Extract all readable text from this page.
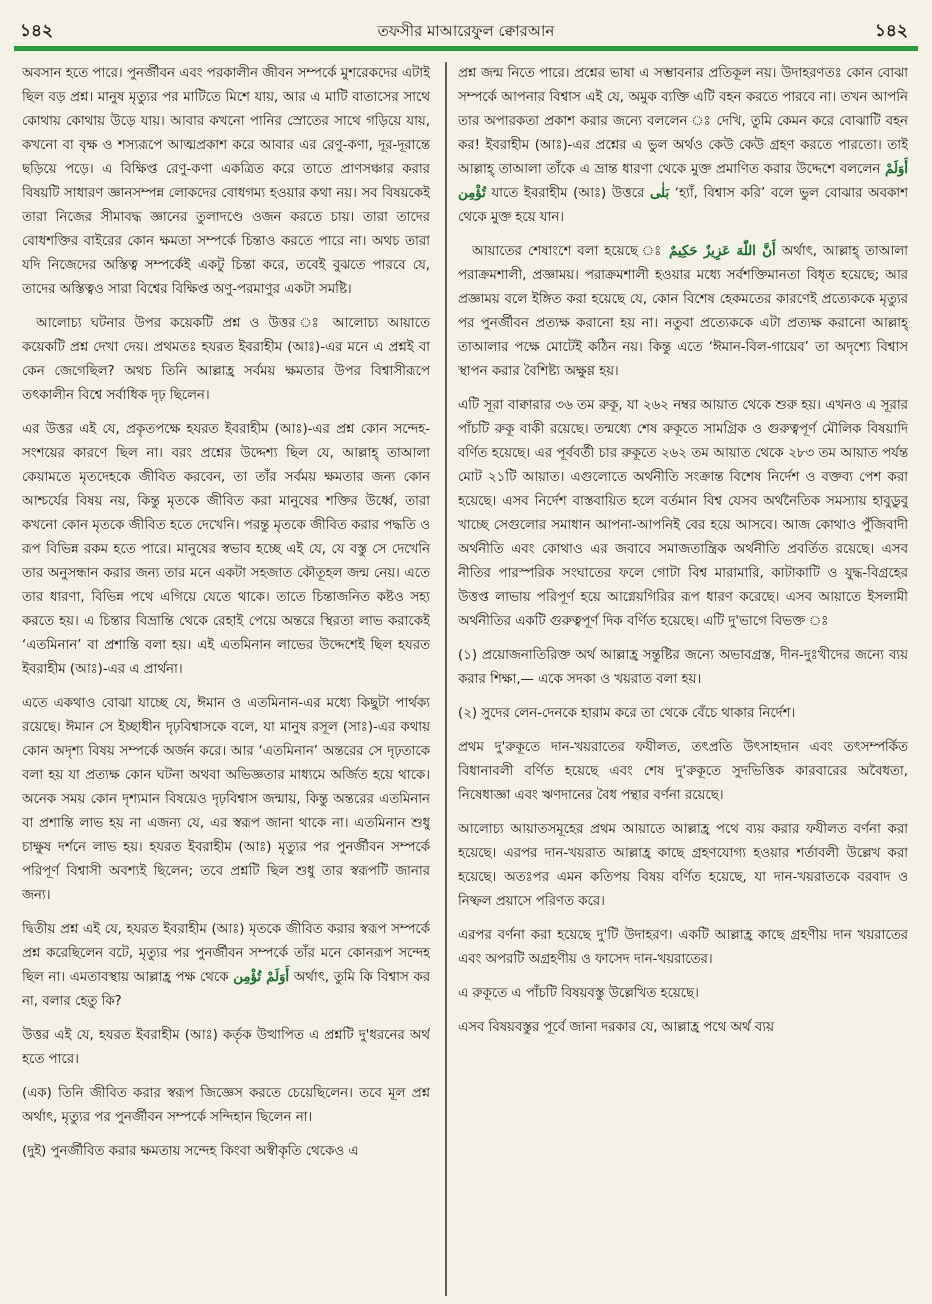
১৪২	তফসীর মাআরেফুল ক্বোরআন	১৪২

অবসান হতে পারে। পুনর্জীবন এবং পরকালীন জীবন সম্পর্কে মুশরেকদের এটাই ছিল বড় প্রশ্ন। মানুষ মৃত্যুর পর মাটিতে মিশে যায়, আর এ মাটি বাতাসের সাথে কোথায় কোথায় উড়ে যায়। আবার কখনো পানির স্রোতের সাথে গড়িয়ে যায়, কখনো বা বৃক্ষ ও শস্যরূপে আত্মপ্রকাশ করে আবার এর রেণু-কণা, দূর-দূরান্তে ছড়িয়ে পড়ে। এ বিক্ষিপ্ত রেণু-কণা একত্রিত করে তাতে প্রাণসঞ্চার করার বিষয়টি সাধারণ জ্ঞানসম্পন্ন লোকদের বোধগম্য হওয়ার কথা নয়। সব বিষয়কেই তারা নিজের সীমাবদ্ধ জ্ঞানের তুলাদণ্ডে ওজন করতে চায়। তারা তাদের বোধশক্তির বাইরের কোন ক্ষমতা সম্পর্কে চিন্তাও করতে পারে না। অথচ তারা যদি নিজেদের অস্তিত্ব সম্পর্কেই একটু চিন্তা করে, তবেই বুঝতে পারবে যে, তাদের অস্তিত্বও সারা বিশ্বের বিক্ষিপ্ত অণু-পরমাণুর একটা সমষ্টি।

আলোচ্য ঘটনার উপর কয়েকটি প্রশ্ন ও উত্তর ঃ আলোচ্য আয়াতে কয়েকটি প্রশ্ন দেখা দেয়। প্রথমতঃ হযরত ইবরাহীম (আঃ)-এর মনে এ প্রশ্নই বা কেন জেগেছিল? অথচ তিনি আল্লাহ্র সর্বময় ক্ষমতার উপর বিশ্বাসীরূপে তৎকালীন বিশ্বে সর্বাধিক দৃঢ় ছিলেন।

এর উত্তর এই যে, প্রকৃতপক্ষে হযরত ইবরাহীম (আঃ)-এর প্রশ্ন কোন সন্দেহ-সংশয়ের কারণে ছিল না। বরং প্রশ্নের উদ্দেশ্য ছিল যে, আল্লাহ্ তাআলা কেয়ামতে মৃতদেহকে জীবিত করবেন, তা তাঁর সর্বময় ক্ষমতার জন্য কোন আশ্চর্যের বিষয় নয়, কিন্তু মৃতকে জীবিত করা মানুষের শক্তির উর্ধ্বে, তারা কখনো কোন মৃতকে জীবিত হতে দেখেনি। পরন্তু মৃতকে জীবিত করার পদ্ধতি ও রূপ বিভিন্ন রকম হতে পারে। মানুষের স্বভাব হচ্ছে এই যে, যে বস্তু সে দেখেনি তার অনুসন্ধান করার জন্য তার মনে একটা সহজাত কৌতূহল জন্ম নেয়। এতে তার ধারণা, বিভিন্ন পথে এগিয়ে যেতে থাকে। তাতে চিন্তাজনিত কষ্টও সহ্য করতে হয়। এ চিন্তার বিভ্রান্তি থেকে রেহাই পেয়ে অন্তরে স্থিরতা লাভ করাকেই ‘এতমিনান’ বা প্রশান্তি বলা হয়। এই এতমিনান লাভের উদ্দেশেই ছিল হযরত ইবরাহীম (আঃ)-এর এ প্রার্থনা।

এতে একথাও বোঝা যাচ্ছে যে, ঈমান ও এতমিনান-এর মধ্যে কিছুটা পার্থক্য রয়েছে। ঈমান সে ইচ্ছাধীন দৃঢ়বিশ্বাসকে বলে, যা মানুষ রসূল (সাঃ)-এর কথায় কোন অদৃশ্য বিষয় সম্পর্কে অর্জন করে। আর ‘এতমিনান’ অন্তরের সে দৃঢ়তাকে বলা হয় যা প্রত্যক্ষ কোন ঘটনা অথবা অভিজ্ঞতার মাধ্যমে অর্জিত হয়ে থাকে। অনেক সময় কোন দৃশ্যমান বিষয়েও দৃঢ়বিশ্বাস জন্মায়, কিন্তু অন্তরের এতমিনান বা প্রশান্তি লাভ হয় না এজন্য যে, এর স্বরূপ জানা থাকে না। এতমিনান শুধু চাক্ষুষ দর্শনে লাভ হয়। হযরত ইবরাহীম (আঃ) মৃত্যুর পর পুনর্জীবন সম্পর্কে পরিপূর্ণ বিশ্বাসী অবশ্যই ছিলেন; তবে প্রশ্নটি ছিল শুধু তার স্বরূপটি জানার জন্য।

দ্বিতীয় প্রশ্ন এই যে, হযরত ইবরাহীম (আঃ) মৃতকে জীবিত করার স্বরূপ সম্পর্কে প্রশ্ন করেছিলেন বটে, মৃত্যুর পর পুনর্জীবন সম্পর্কে তাঁর মনে কোনরূপ সন্দেহ ছিল না। এমতাবস্থায় আল্লাহ্র পক্ষ থেকে أَوَلَمْ تُؤْمِن অর্থাৎ, তুমি কি বিশ্বাস কর না, বলার হেতু কি?

উত্তর এই যে, হযরত ইবরাহীম (আঃ) কর্তৃক উত্থাপিত এ প্রশ্নটি দু'ধরনের অর্থ হতে পারে।

(এক) তিনি জীবিত করার স্বরূপ জিজ্ঞেস করতে চেয়েছিলেন। তবে মূল প্রশ্ন অর্থাৎ, মৃত্যুর পর পুনর্জীবন সম্পর্কে সন্দিহান ছিলেন না।

(দুই) পুনর্জীবিত করার ক্ষমতায় সন্দেহ কিংবা অস্বীকৃতি থেকেও এ

প্রশ্ন জন্ম নিতে পারে। প্রশ্নের ভাষা এ সম্ভাবনার প্রতিকূল নয়। উদাহরণতঃ কোন বোঝা সম্পর্কে আপনার বিশ্বাস এই যে, অমুক ব্যক্তি এটি বহন করতে পারবে না। তখন আপনি তার অপারকতা প্রকাশ করার জন্যে বললেন ঃ দেখি, তুমি কেমন করে বোঝাটি বহন কর! ইবরাহীম (আঃ)-এর প্রশ্নের এ ভুল অর্থও কেউ কেউ গ্রহণ করতে পারতো। তাই আল্লাহ্ তাআলা তাঁকে এ ভ্রান্ত ধারণা থেকে মুক্ত প্রমাণিত করার উদ্দেশে বললেন أَوَلَمْ تُؤْمِن যাতে ইবরাহীম (আঃ) উত্তরে بَلٰى ‘হ্যাঁ, বিশ্বাস করি’ বলে ভুল বোঝার অবকাশ থেকে মুক্ত হয়ে যান।

আয়াতের শেষাংশে বলা হয়েছে ঃ أَنَّ اللّٰهَ عَزِيزٌ حَكِيمٌ অর্থাৎ, আল্লাহ্ তাআলা পরাক্রমশালী, প্রজ্ঞাময়। পরাক্রমশালী হওয়ার মধ্যে সর্বশক্তিমানতা বিধৃত হয়েছে; আর প্রজ্ঞাময় বলে ইঙ্গিত করা হয়েছে যে, কোন বিশেষ হেকমতের কারণেই প্রত্যেককে মৃত্যুর পর পুনর্জীবন প্রত্যক্ষ করানো হয় না। নতুবা প্রত্যেককে এটা প্রত্যক্ষ করানো আল্লাহ্ তাআলার পক্ষে মোটেই কঠিন নয়। কিন্তু এতে ‘ঈমান-বিল-গায়েব’ তা অদৃশ্যে বিশ্বাস স্থাপন করার বৈশিষ্ট্য অক্ষুণ্ণ হয়।

এটি সূরা বাক্বারার ৩৬ তম রুকূ, যা ২৬২ নম্বর আয়াত থেকে শুরু হয়। এখনও এ সূরার পাঁচটি রুকূ বাকী রয়েছে। তন্মধ্যে শেষ রুকূতে সামগ্রিক ও গুরুত্বপূর্ণ মৌলিক বিষয়াদি বর্ণিত হয়েছে। এর পূর্ববর্তী চার রুকূতে ২৬২ তম আয়াত থেকে ২৮৩ তম আয়াত পর্যন্ত মোট ২১টি আয়াত। এগুলোতে অর্থনীতি সংক্রান্ত বিশেষ নির্দেশ ও বক্তব্য পেশ করা হয়েছে। এসব নির্দেশ বাস্তবায়িত হলে বর্তমান বিশ্ব যেসব অর্থনৈতিক সমস্যায় হাবুডুবু খাচ্ছে সেগুলোর সমাধান আপনা-আপনিই বের হয়ে আসবে। আজ কোথাও পুঁজিবাদী অর্থনীতি এবং কোথাও এর জবাবে সমাজতান্ত্রিক অর্থনীতি প্রবর্তিত রয়েছে। এসব নীতির পারস্পরিক সংঘাতের ফলে গোটা বিশ্ব মারামারি, কাটাকাটি ও যুদ্ধ-বিগ্রহের উত্তপ্ত লাভায় পরিপূর্ণ হয়ে আগ্নেয়গিরির রূপ ধারণ করেছে। এসব আয়াতে ইসলামী অর্থনীতির একটি গুরুত্বপূর্ণ দিক বর্ণিত হয়েছে। এটি দু'ভাগে বিভক্ত ঃ

(১) প্রয়োজনাতিরিক্ত অর্থ আল্লাহ্র সন্তুষ্টির জন্যে অভাবগ্রস্ত, দীন-দুঃখীদের জন্যে ব্যয় করার শিক্ষা,— একে সদকা ও খয়রাত বলা হয়।

(২) সুদের লেন-দেনকে হারাম করে তা থেকে বেঁচে থাকার নির্দেশ।

প্রথম দু'রুকূতে দান-খয়রাতের ফযীলত, তৎপ্রতি উৎসাহদান এবং তৎসম্পর্কিত বিধানাবলী বর্ণিত হয়েছে এবং শেষ দু'রুকূতে সুদভিত্তিক কারবারের অবৈধতা, নিষেধাজ্ঞা এবং ঋণদানের বৈধ পন্থার বর্ণনা রয়েছে।

আলোচ্য আয়াতসমূহের প্রথম আয়াতে আল্লাহ্র পথে ব্যয় করার ফযীলত বর্ণনা করা হয়েছে। এরপর দান-খয়রাত আল্লাহ্র কাছে গ্রহণযোগ্য হওয়ার শর্তাবলী উল্লেখ করা হয়েছে। অতঃপর এমন কতিপয় বিষয় বর্ণিত হয়েছে, যা দান-খয়রাতকে বরবাদ ও নিষ্ফল প্রয়াসে পরিণত করে।

এরপর বর্ণনা করা হয়েছে দু'টি উদাহরণ। একটি আল্লাহ্র কাছে গ্রহণীয় দান খয়রাতের এবং অপরটি অগ্রহণীয় ও ফাসেদ দান-খয়রাতের।

এ রুকূতে এ পাঁচটি বিষয়বস্তু উল্লেখিত হয়েছে।

এসব বিষয়বস্তুর পূর্বে জানা দরকার যে, আল্লাহ্র পথে অর্থ ব্যয়
